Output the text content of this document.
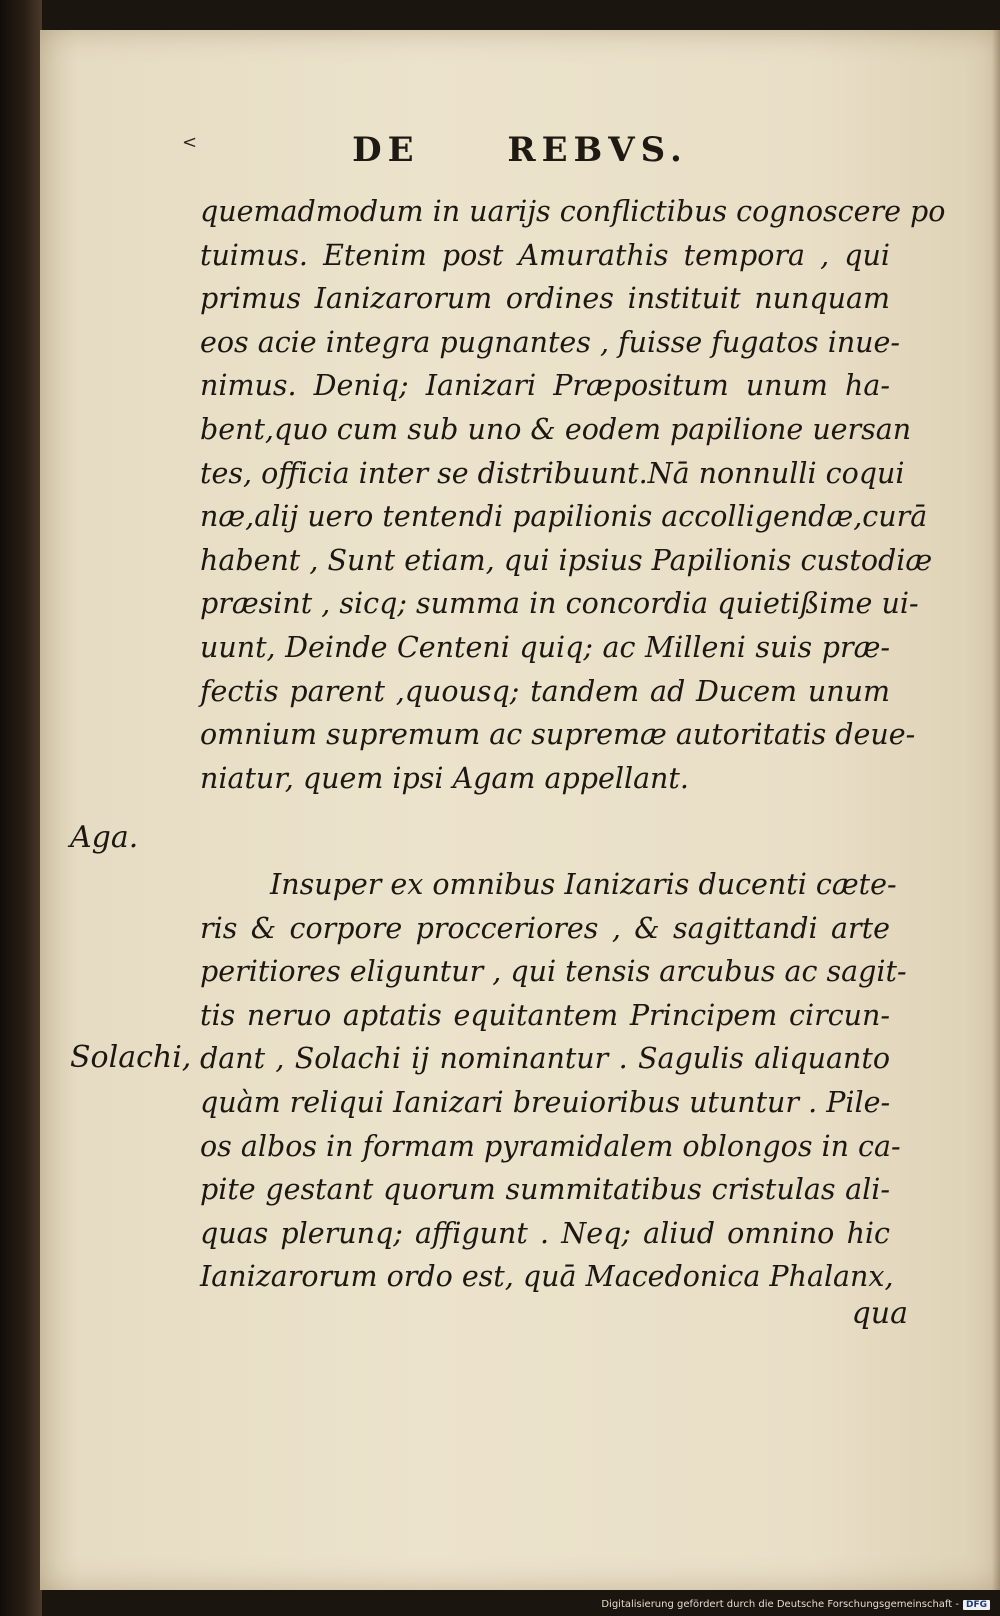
<	DE REBVS.
quemadmodum in uarijs conflictibus cognoscere po
tuimus. Etenim post Amurathis tempora , qui
primus Ianizarorum ordines instituit nunquam
eos acie integra pugnantes , fuisse fugatos inue-
nimus. Deniq; Ianizari Præpositum unum ha-
bent,quo cum sub uno & eodem papilione uersan
tes, officia inter se distribuunt.Nā nonnulli coqui
næ,alij uero tentendi papilionis accolligendæ,curā
habent , Sunt etiam, qui ipsius Papilionis custodiæ
præsint , sicq; summa in concordia quietißime ui-
uunt, Deinde Centeni quiq; ac Milleni suis præ-
fectis parent ,quousq; tandem ad Ducem unum
omnium supremum ac supremæ autoritatis deue-
niatur, quem ipsi Agam appellant.
Aga.
Insuper ex omnibus Ianizaris ducenti cæte-
ris & corpore procceriores , & sagittandi arte
peritiores eliguntur , qui tensis arcubus ac sagit-
tis neruo aptatis equitantem Principem circun-
dant , Solachi ij nominantur . Sagulis aliquanto
quàm reliqui Ianizari breuioribus utuntur . Pile-
os albos in formam pyramidalem oblongos in ca-
pite gestant quorum summitatibus cristulas ali-
quas plerunq; affigunt . Neq; aliud omnino hic
Ianizarorum ordo est, quā Macedonica Phalanx,
Solachi,
qua
Digitalisierung gefördert durch die Deutsche Forschungsgemeinschaft - DFG
